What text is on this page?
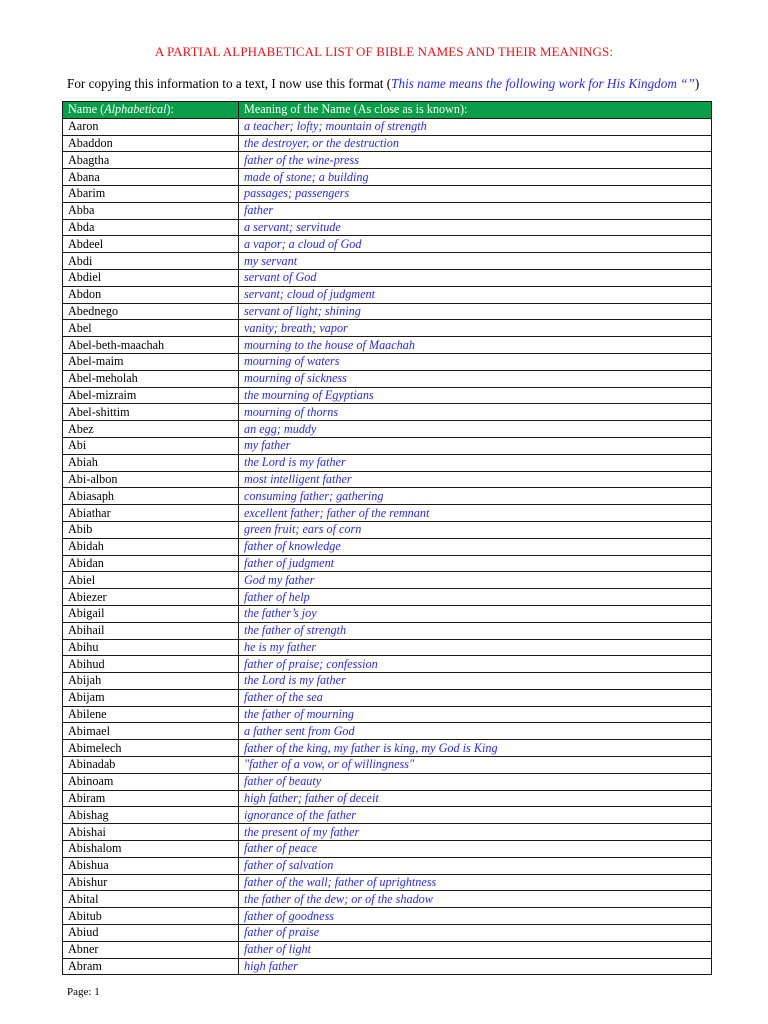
A PARTIAL ALPHABETICAL LIST OF BIBLE NAMES AND THEIR MEANINGS:
For copying this information to a text, I now use this format (This name means the following work for His Kingdom “”)
Name (Alphabetical):	Meaning of the Name (As close as is known):
Aaron	a teacher; lofty; mountain of strength
Abaddon	the destroyer, or the destruction
Abagtha	father of the wine-press
Abana	made of stone; a building
Abarim	passages; passengers
Abba	father
Abda	a servant; servitude
Abdeel	a vapor; a cloud of God
Abdi	my servant
Abdiel	servant of God
Abdon	servant; cloud of judgment
Abednego	servant of light; shining
Abel	vanity; breath; vapor
Abel-beth-maachah	mourning to the house of Maachah
Abel-maim	mourning of waters
Abel-meholah	mourning of sickness
Abel-mizraim	the mourning of Egyptians
Abel-shittim	mourning of thorns
Abez	an egg; muddy
Abi	my father
Abiah	the Lord is my father
Abi-albon	most intelligent father
Abiasaph	consuming father; gathering
Abiathar	excellent father; father of the remnant
Abib	green fruit; ears of corn
Abidah	father of knowledge
Abidan	father of judgment
Abiel	God my father
Abiezer	father of help
Abigail	the father’s joy
Abihail	the father of strength
Abihu	he is my father
Abihud	father of praise; confession
Abijah	the Lord is my father
Abijam	father of the sea
Abilene	the father of mourning
Abimael	a father sent from God
Abimelech	father of the king, my father is king, my God is King
Abinadab	"father of a vow, or of willingness"
Abinoam	father of beauty
Abiram	high father; father of deceit
Abishag	ignorance of the father
Abishai	the present of my father
Abishalom	father of peace
Abishua	father of salvation
Abishur	father of the wall; father of uprightness
Abital	the father of the dew; or of the shadow
Abitub	father of goodness
Abiud	father of praise
Abner	father of light
Abram	high father
Page: 1
